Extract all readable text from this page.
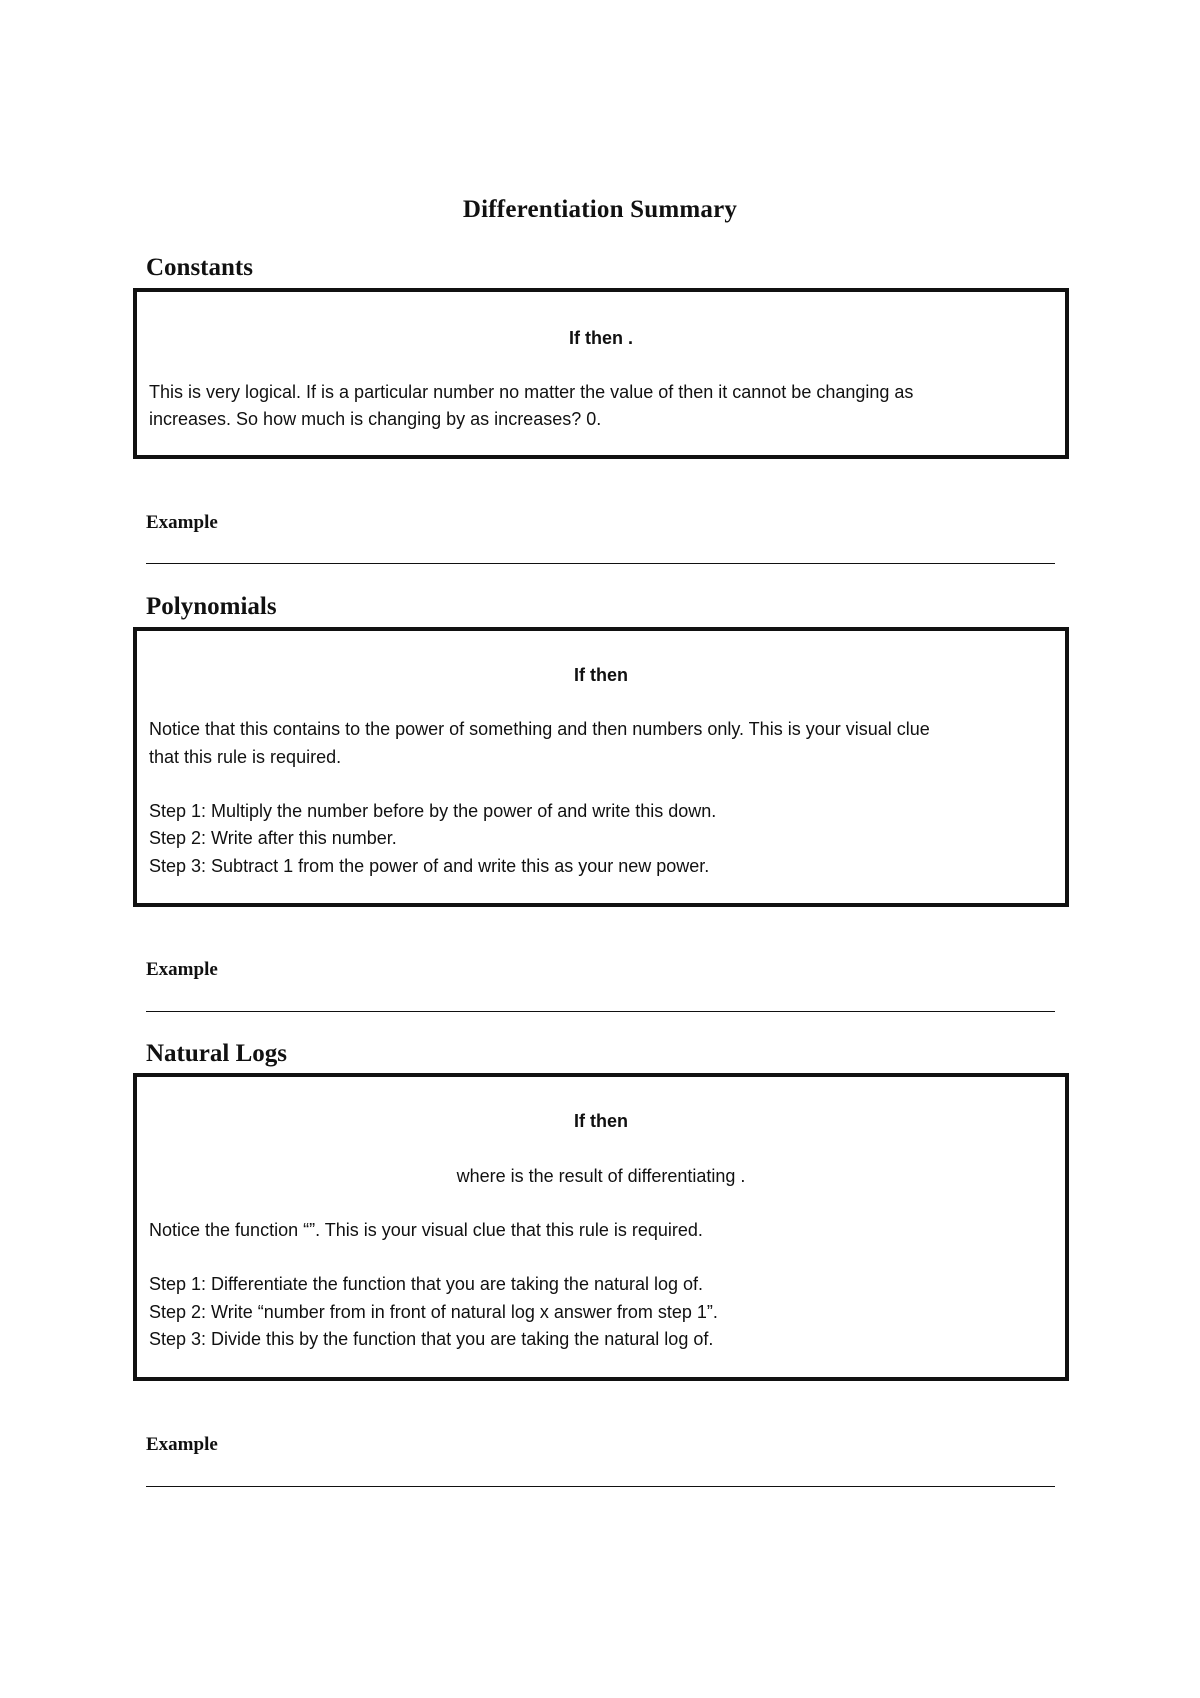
Differentiation Summary
Constants
If then .
This is very logical. If is a particular number no matter the value of then it cannot be changing as
increases. So how much is changing by as increases? 0.
Example
Polynomials
If then
Notice that this contains to the power of something and then numbers only. This is your visual clue
that this rule is required.
Step 1: Multiply the number before by the power of and write this down.
Step 2: Write after this number.
Step 3: Subtract 1 from the power of and write this as your new power.
Example
Natural Logs
If then
where is the result of differentiating .
Notice the function “”. This is your visual clue that this rule is required.
Step 1: Differentiate the function that you are taking the natural log of.
Step 2: Write “number from in front of natural log x answer from step 1”.
Step 3: Divide this by the function that you are taking the natural log of.
Example
